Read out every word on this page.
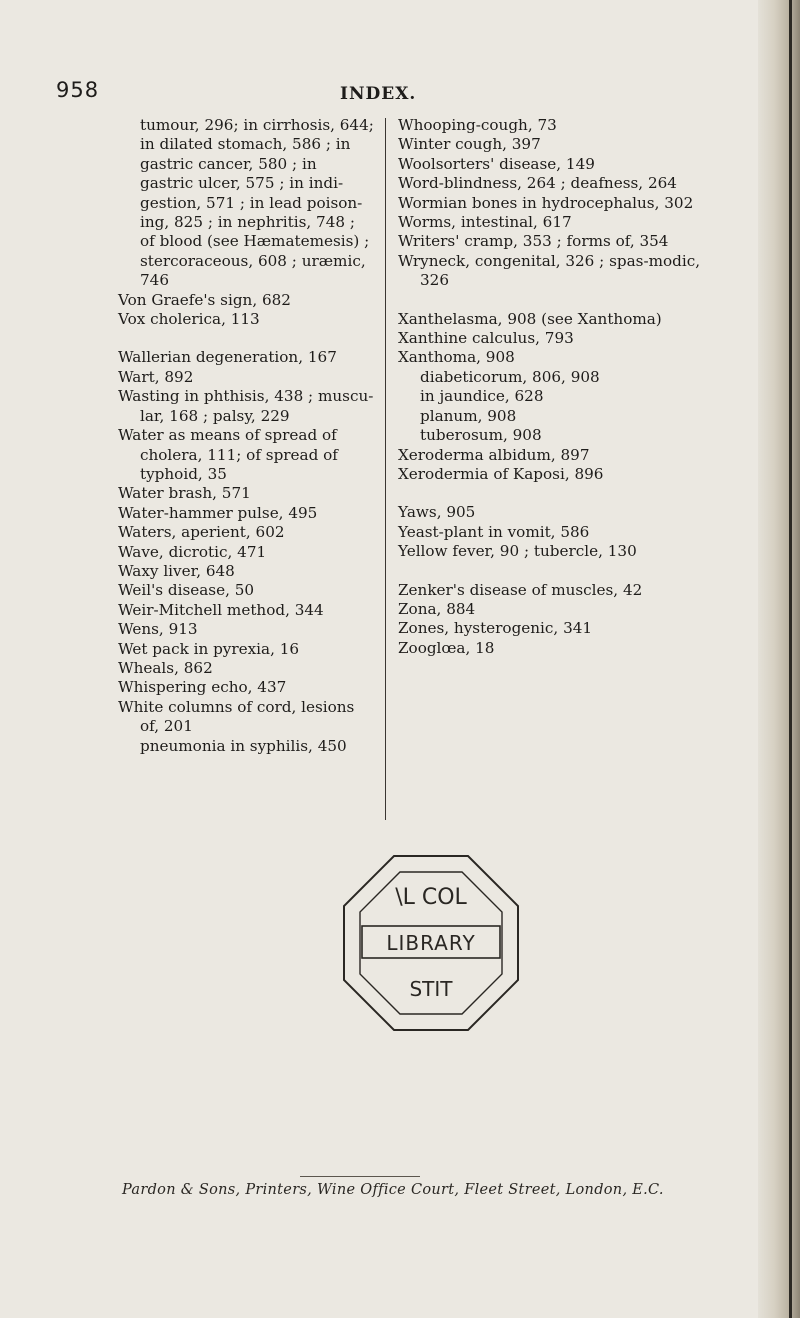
958	INDEX.
tumour, 296; in cirrhosis, 644; in dilated stomach, 586 ; in gastric cancer, 580 ; in gastric ulcer, 575 ; in indi-gestion, 571 ; in lead poison-ing, 825 ; in nephritis, 748 ; of blood (see Hæmatemesis) ; stercoraceous, 608 ; uræmic, 746
Von Graefe's sign, 682
Vox cholerica, 113
Wallerian degeneration, 167
Wart, 892
Wasting in phthisis, 438 ; muscu-lar, 168 ; palsy, 229
Water as means of spread of cholera, 111; of spread of typhoid, 35
Water brash, 571
Water-hammer pulse, 495
Waters, aperient, 602
Wave, dicrotic, 471
Waxy liver, 648
Weil's disease, 50
Weir-Mitchell method, 344
Wens, 913
Wet pack in pyrexia, 16
Wheals, 862
Whispering echo, 437
White columns of cord, lesions of, 201
pneumonia in syphilis, 450
Whooping-cough, 73
Winter cough, 397
Woolsorters' disease, 149
Word-blindness, 264 ; deafness, 264
Wormian bones in hydrocephalus, 302
Worms, intestinal, 617
Writers' cramp, 353 ; forms of, 354
Wryneck, congenital, 326 ; spas-modic, 326
Xanthelasma, 908 (see Xanthoma)
Xanthine calculus, 793
Xanthoma, 908
diabeticorum, 806, 908
in jaundice, 628
planum, 908
tuberosum, 908
Xeroderma albidum, 897
Xerodermia of Kaposi, 896
Yaws, 905
Yeast-plant in vomit, 586
Yellow fever, 90 ; tubercle, 130
Zenker's disease of muscles, 42
Zona, 884
Zones, hysterogenic, 341
Zooglœa, 18
\L COL
LIBRARY
STIT
Pardon & Sons, Printers, Wine Office Court, Fleet Street, London, E.C.
